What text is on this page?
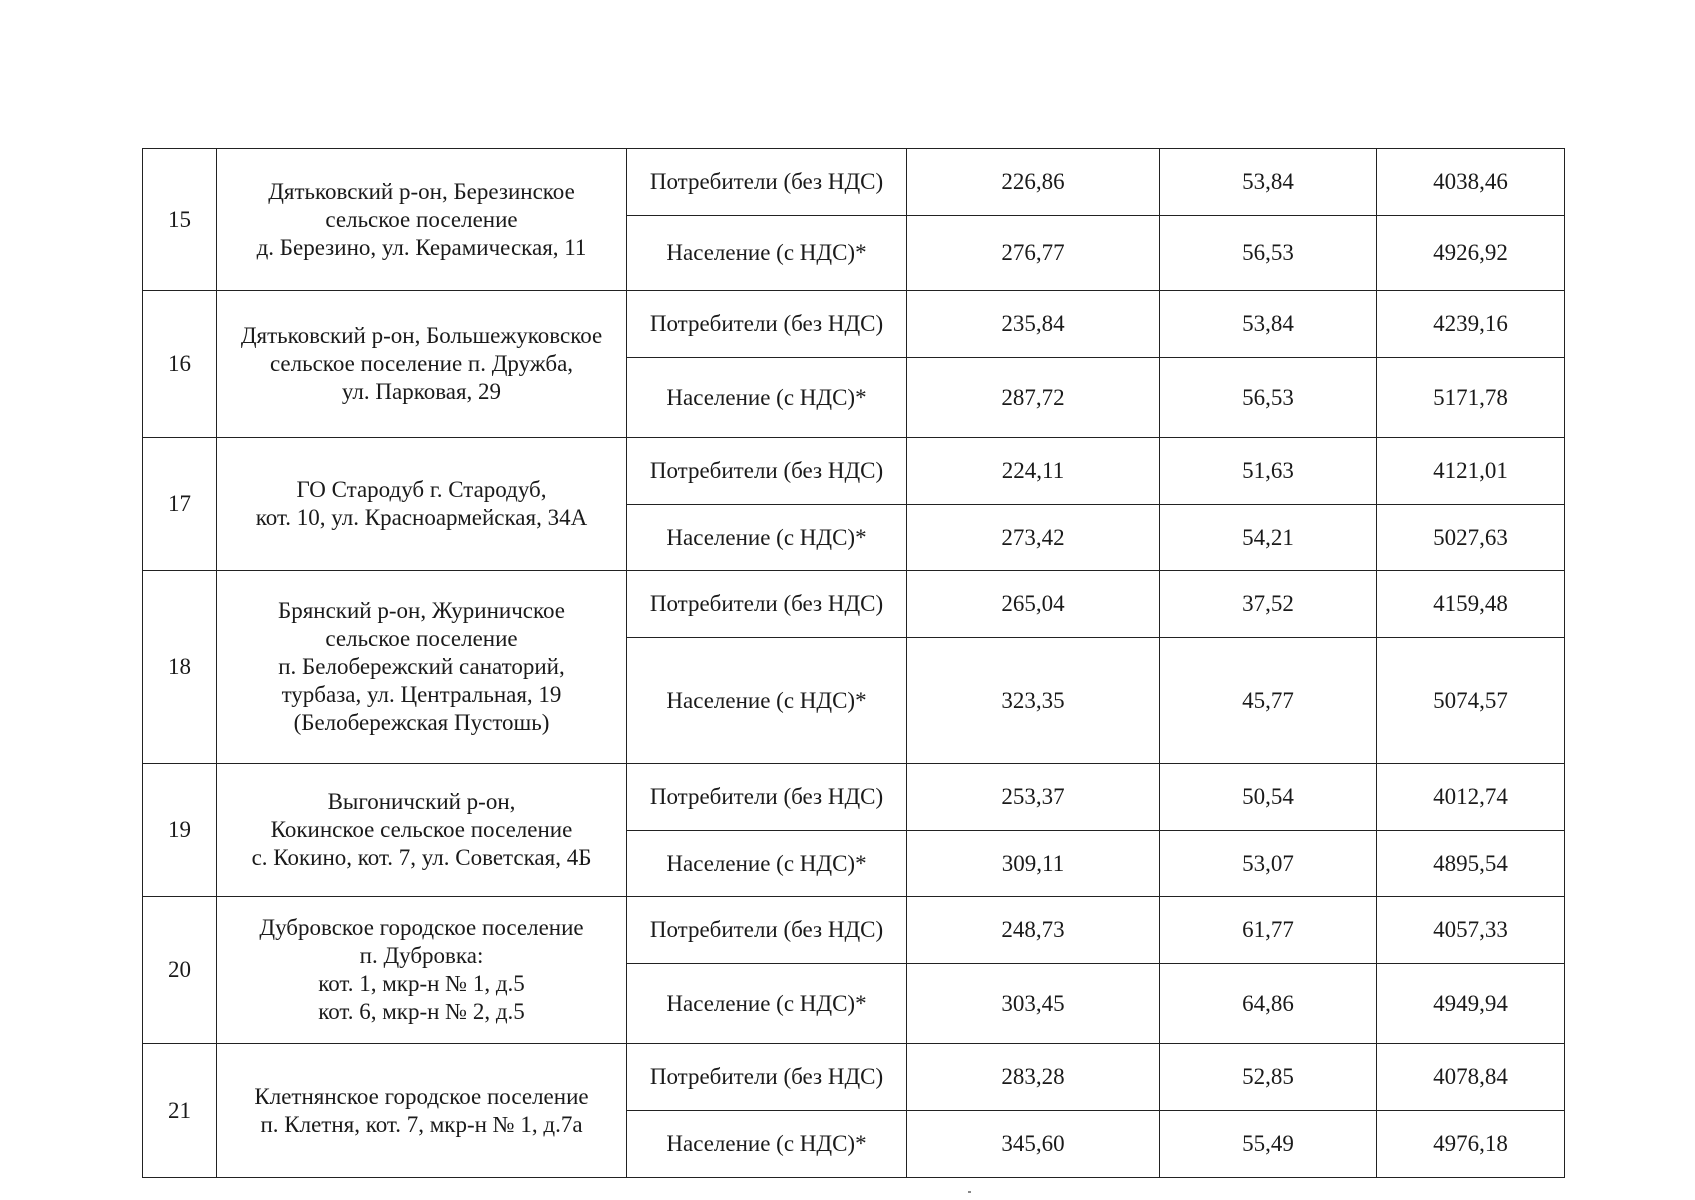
15	Дятьковский р-он, Березинское
сельское поселение
д. Березино, ул. Керамическая, 11	Потребители (без НДС)	226,86	53,84	4038,46
		Население (с НДС)*	276,77	56,53	4926,92
16	Дятьковский р-он, Большежуковское
сельское поселение п. Дружба,
ул. Парковая, 29	Потребители (без НДС)	235,84	53,84	4239,16
		Население (с НДС)*	287,72	56,53	5171,78
17	ГО Стародуб г. Стародуб,
кот. 10, ул. Красноармейская, 34А	Потребители (без НДС)	224,11	51,63	4121,01
		Население (с НДС)*	273,42	54,21	5027,63
18	Брянский р-он, Журиничское
сельское поселение
п. Белобережский санаторий,
турбаза, ул. Центральная, 19
(Белобережская Пустошь)	Потребители (без НДС)	265,04	37,52	4159,48
		Население (с НДС)*	323,35	45,77	5074,57
19	Выгоничский р-он,
Кокинское сельское поселение
с. Кокино, кот. 7, ул. Советская, 4Б	Потребители (без НДС)	253,37	50,54	4012,74
		Население (с НДС)*	309,11	53,07	4895,54
20	Дубровское городское поселение
п. Дубровка:
кот. 1, мкр-н № 1, д.5
кот. 6, мкр-н № 2, д.5	Потребители (без НДС)	248,73	61,77	4057,33
		Население (с НДС)*	303,45	64,86	4949,94
21	Клетнянское городское поселение
п. Клетня, кот. 7, мкр-н № 1, д.7а	Потребители (без НДС)	283,28	52,85	4078,84
		Население (с НДС)*	345,60	55,49	4976,18
